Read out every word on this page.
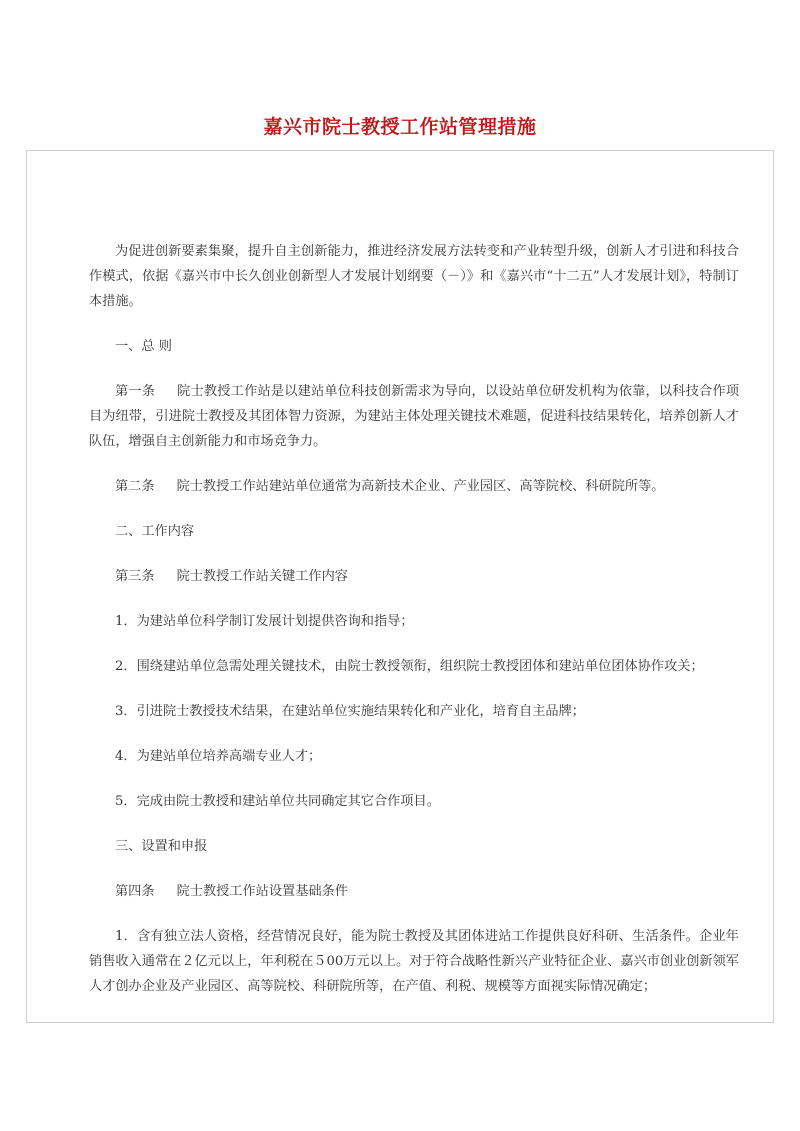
嘉兴市院士教授工作站管理措施

为促进创新要素集聚，提升自主创新能力，推进经济发展方法转变和产业转型升级，创新人才引进和科技合作模式，依据《嘉兴市中长久创业创新型人才发展计划纲要（－）》和《嘉兴市“十二五”人才发展计划》，特制订本措施。

一、总 则

第一条 院士教授工作站是以建站单位科技创新需求为导向，以设站单位研发机构为依靠，以科技合作项目为纽带，引进院士教授及其团体智力资源，为建站主体处理关键技术难题，促进科技结果转化，培养创新人才队伍，增强自主创新能力和市场竞争力。

第二条 院士教授工作站建站单位通常为高新技术企业、产业园区、高等院校、科研院所等。

二、工作内容

第三条 院士教授工作站关键工作内容

1．为建站单位科学制订发展计划提供咨询和指导；

2．围绕建站单位急需处理关键技术，由院士教授领衔，组织院士教授团体和建站单位团体协作攻关；

3．引进院士教授技术结果，在建站单位实施结果转化和产业化，培育自主品牌；

4．为建站单位培养高端专业人才；

5．完成由院士教授和建站单位共同确定其它合作项目。

三、设置和申报

第四条 院士教授工作站设置基础条件

1．含有独立法人资格，经营情况良好，能为院士教授及其团体进站工作提供良好科研、生活条件。企业年销售收入通常在２亿元以上，年利税在５00万元以上。对于符合战略性新兴产业特征企业、嘉兴市创业创新领军人才创办企业及产业园区、高等院校、科研院所等，在产值、利税、规模等方面视实际情况确定；
